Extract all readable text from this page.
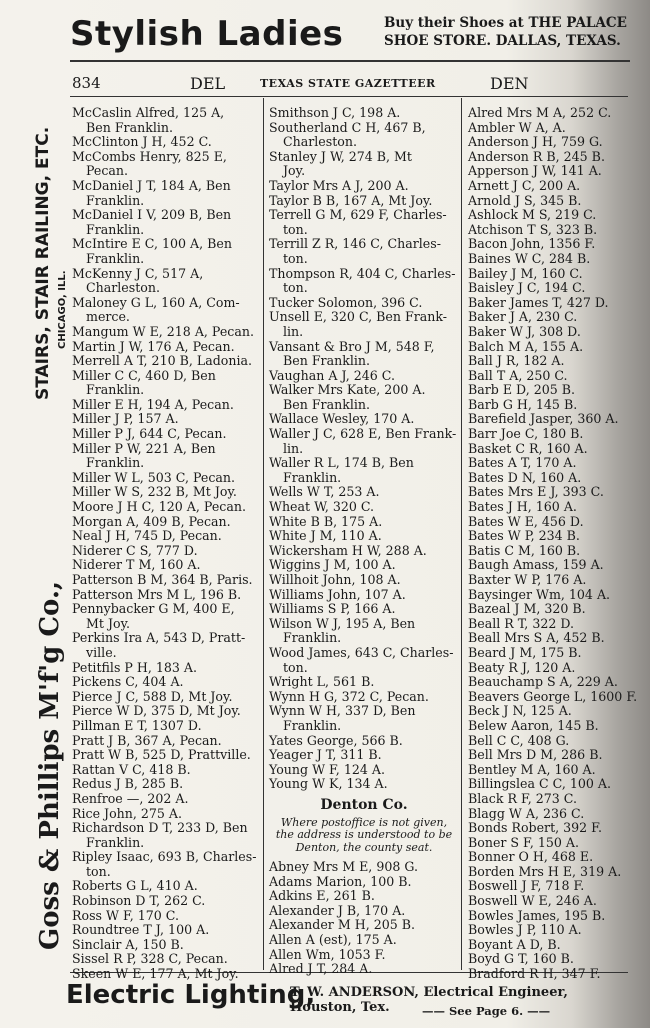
Stylish Ladies	Buy their Shoes at THE PALACE
SHOE STORE. DALLAS, TEXAS.
834	DEL	TEXAS STATE GAZETTEER	DEN
STAIRS, STAIR RAILING, ETC. CHICAGO, ILL.
Goss & Phillips M'f'g Co.,
McCaslin Alfred, 125 A,
Ben Franklin.
McClinton J H, 452 C.
McCombs Henry, 825 E,
Pecan.
McDaniel J T, 184 A, Ben
Franklin.
McDaniel I V, 209 B, Ben
Franklin.
McIntire E C, 100 A, Ben
Franklin.
McKenny J C, 517 A,
Charleston.
Maloney G L, 160 A, Com-
merce.
Mangum W E, 218 A, Pecan.
Martin J W, 176 A, Pecan.
Merrell A T, 210 B, Ladonia.
Miller C C, 460 D, Ben
Franklin.
Miller E H, 194 A, Pecan.
Miller J P, 157 A.
Miller P J, 644 C, Pecan.
Miller P W, 221 A, Ben
Franklin.
Miller W L, 503 C, Pecan.
Miller W S, 232 B, Mt Joy.
Moore J H C, 120 A, Pecan.
Morgan A, 409 B, Pecan.
Neal J H, 745 D, Pecan.
Niderer C S, 777 D.
Niderer T M, 160 A.
Patterson B M, 364 B, Paris.
Patterson Mrs M L, 196 B.
Pennybacker G M, 400 E,
Mt Joy.
Perkins Ira A, 543 D, Pratt-
ville.
Petitfils P H, 183 A.
Pickens C, 404 A.
Pierce J C, 588 D, Mt Joy.
Pierce W D, 375 D, Mt Joy.
Pillman E T, 1307 D.
Pratt J B, 367 A, Pecan.
Pratt W B, 525 D, Prattville.
Rattan V C, 418 B.
Redus J B, 285 B.
Renfroe —, 202 A.
Rice John, 275 A.
Richardson D T, 233 D, Ben
Franklin.
Ripley Isaac, 693 B, Charles-
ton.
Roberts G L, 410 A.
Robinson D T, 262 C.
Ross W F, 170 C.
Roundtree T J, 100 A.
Sinclair A, 150 B.
Sissel R P, 328 C, Pecan.
Skeen W E, 177 A, Mt Joy.
Smithson J C, 198 A.
Southerland C H, 467 B,
Charleston.
Stanley J W, 274 B, Mt
Joy.
Taylor Mrs A J, 200 A.
Taylor B B, 167 A, Mt Joy.
Terrell G M, 629 F, Charles-
ton.
Terrill Z R, 146 C, Charles-
ton.
Thompson R, 404 C, Charles-
ton.
Tucker Solomon, 396 C.
Unsell E, 320 C, Ben Frank-
lin.
Vansant & Bro J M, 548 F,
Ben Franklin.
Vaughan A J, 246 C.
Walker Mrs Kate, 200 A.
Ben Franklin.
Wallace Wesley, 170 A.
Waller J C, 628 E, Ben Frank-
lin.
Waller R L, 174 B, Ben
Franklin.
Wells W T, 253 A.
Wheat W, 320 C.
White B B, 175 A.
White J M, 110 A.
Wickersham H W, 288 A.
Wiggins J M, 100 A.
Willhoit John, 108 A.
Williams John, 107 A.
Williams S P, 166 A.
Wilson W J, 195 A, Ben
Franklin.
Wood James, 643 C, Charles-
ton.
Wright L, 561 B.
Wynn H G, 372 C, Pecan.
Wynn W H, 337 D, Ben
Franklin.
Yates George, 566 B.
Yeager J T, 311 B.
Young W F, 124 A.
Young W K, 134 A.
Denton Co.
Where postoffice is not given, the address is understood to be Denton, the county seat.
Abney Mrs M E, 908 G.
Adams Marion, 100 B.
Adkins E, 261 B.
Alexander J B, 170 A.
Alexander M H, 205 B.
Allen A (est), 175 A.
Allen Wm, 1053 F.
Alred J T, 284 A.
Alred Mrs M A, 252 C.
Ambler W A, A.
Anderson J H, 759 G.
Anderson R B, 245 B.
Apperson J W, 141 A.
Arnett J C, 200 A.
Arnold J S, 345 B.
Ashlock M S, 219 C.
Atchison T S, 323 B.
Bacon John, 1356 F.
Baines W C, 284 B.
Bailey J M, 160 C.
Baisley J C, 194 C.
Baker James T, 427 D.
Baker J A, 230 C.
Baker W J, 308 D.
Balch M A, 155 A.
Ball J R, 182 A.
Ball T A, 250 C.
Barb E D, 205 B.
Barb G H, 145 B.
Barefield Jasper, 360 A.
Barr Joe C, 180 B.
Basket C R, 160 A.
Bates A T, 170 A.
Bates D N, 160 A.
Bates Mrs E J, 393 C.
Bates J H, 160 A.
Bates W E, 456 D.
Bates W P, 234 B.
Batis C M, 160 B.
Baugh Amass, 159 A.
Baxter W P, 176 A.
Baysinger Wm, 104 A.
Bazeal J M, 320 B.
Beall R T, 322 D.
Beall Mrs S A, 452 B.
Beard J M, 175 B.
Beaty R J, 120 A.
Beauchamp S A, 229 A.
Beavers George L, 1600 F.
Beck J N, 125 A.
Belew Aaron, 145 B.
Bell C C, 408 G.
Bell Mrs D M, 286 B.
Bentley M A, 160 A.
Billingslea C C, 100 A.
Black R F, 273 C.
Blagg W A, 236 C.
Bonds Robert, 392 F.
Boner S F, 150 A.
Bonner O H, 468 E.
Borden Mrs H E, 319 A.
Boswell J F, 718 F.
Boswell W E, 246 A.
Bowles James, 195 B.
Bowles J P, 110 A.
Boyant A D, B.
Boyd G T, 160 B.
Bradford R H, 347 F.
Electric Lighting,
T. W. ANDERSON, Electrical Engineer, Houston, Tex.	—— See Page 6. ——
